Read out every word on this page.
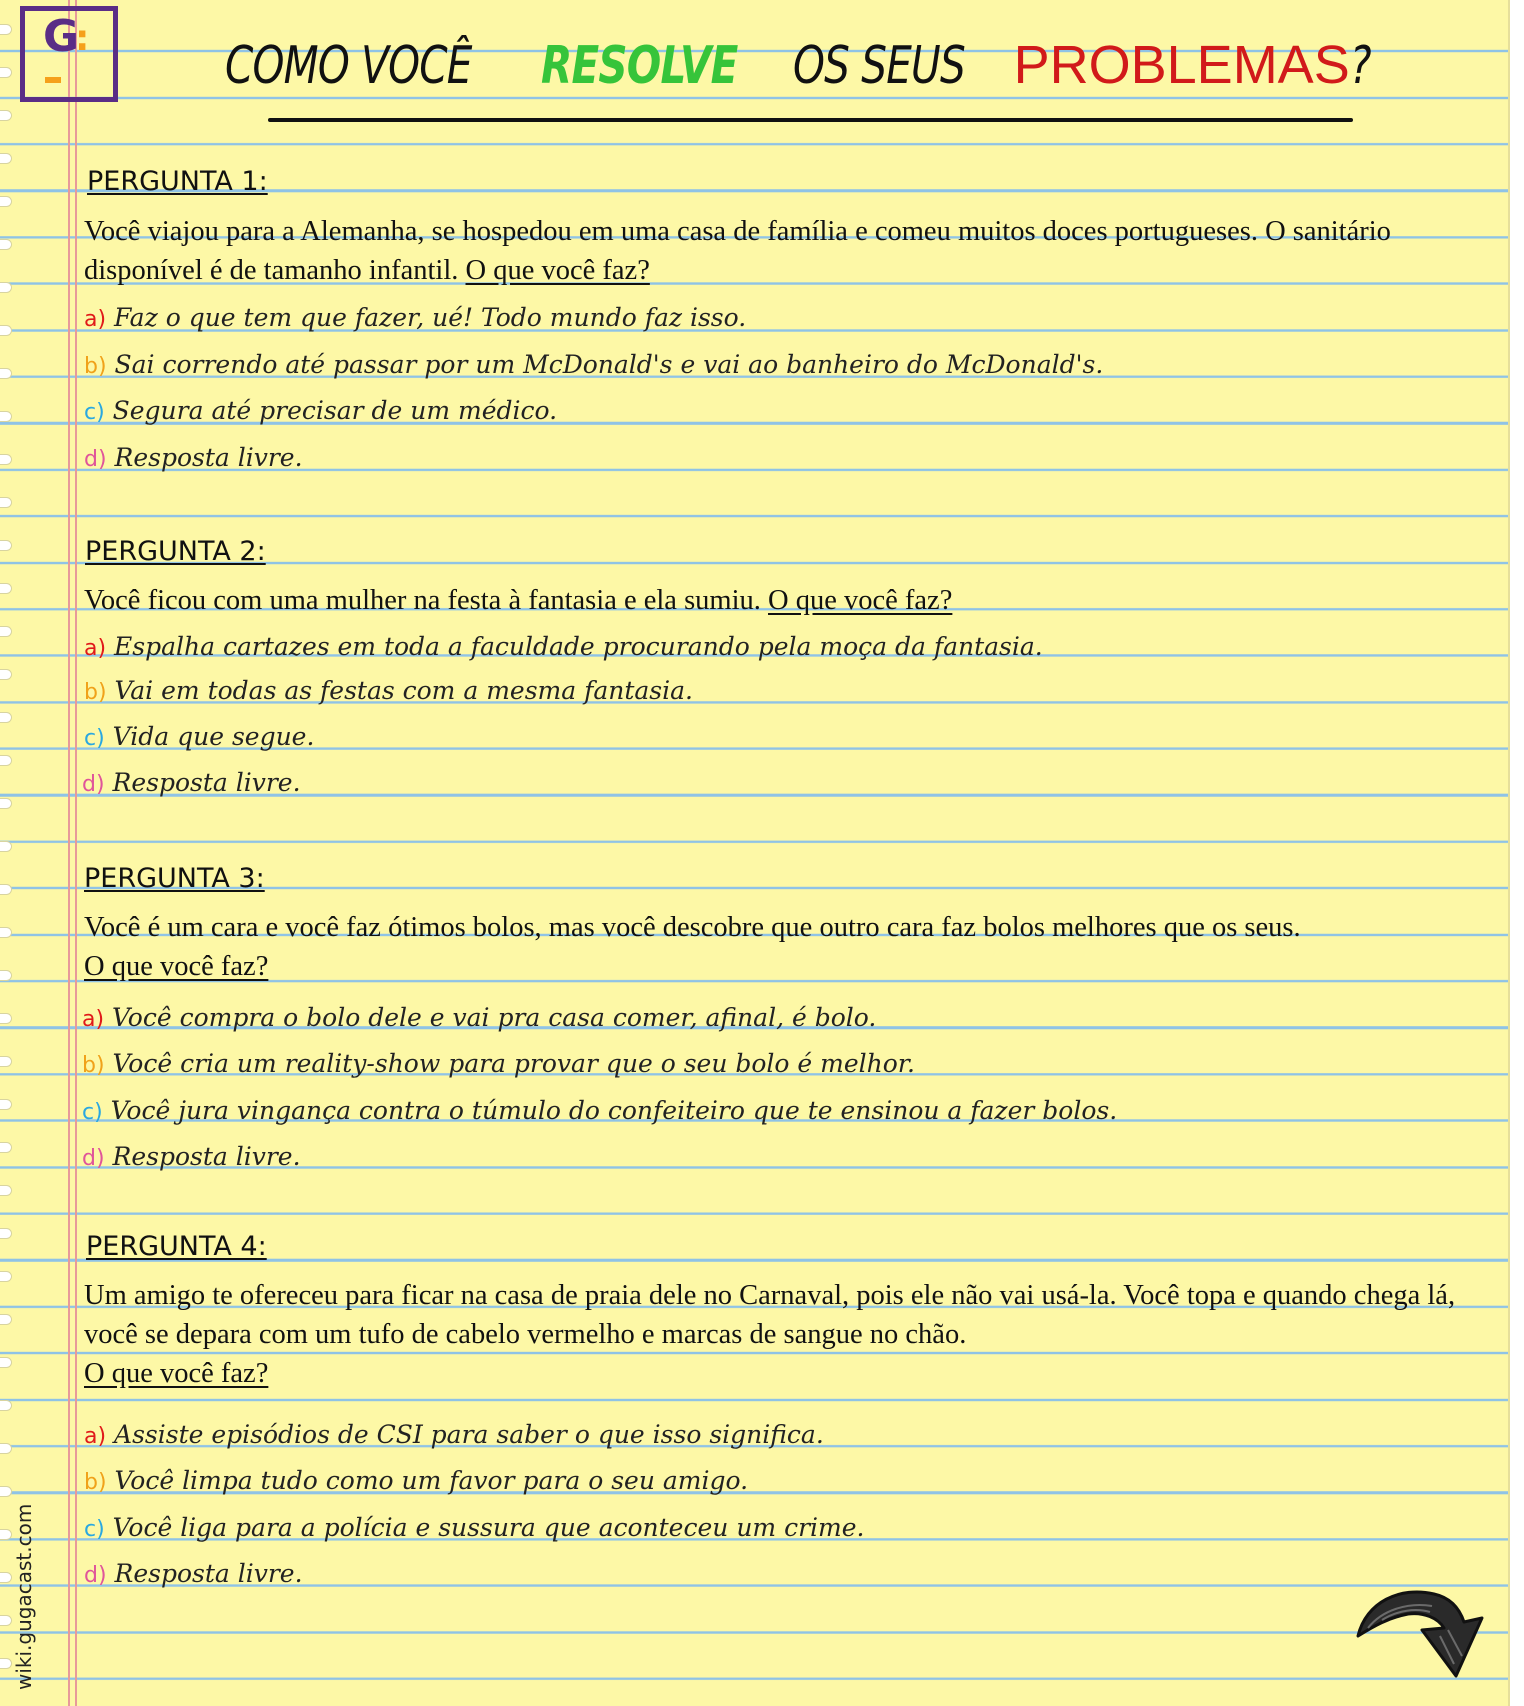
G
:	COMO VOCÊRESOLVEOS SEUSPROBLEMAS?
PERGUNTA 1:
Você viajou para a Alemanha, se hospedou em uma casa de família e comeu muitos doces portugueses. O sanitário disponível é de tamanho infantil. O que você faz?
a) Faz o que tem que fazer, ué! Todo mundo faz isso.
b) Sai correndo até passar por um McDonald's e vai ao banheiro do McDonald's.
c) Segura até precisar de um médico.
d) Resposta livre.
PERGUNTA 2:
Você ficou com uma mulher na festa à fantasia e ela sumiu. O que você faz?
a) Espalha cartazes em toda a faculdade procurando pela moça da fantasia.
b) Vai em todas as festas com a mesma fantasia.
c) Vida que segue.
d) Resposta livre.
PERGUNTA 3:
Você é um cara e você faz ótimos bolos, mas você descobre que outro cara faz bolos melhores que os seus.
O que você faz?
a) Você compra o bolo dele e vai pra casa comer, afinal, é bolo.
b) Você cria um reality-show para provar que o seu bolo é melhor.
c) Você jura vingança contra o túmulo do confeiteiro que te ensinou a fazer bolos.
d) Resposta livre.
PERGUNTA 4:
Um amigo te ofereceu para ficar na casa de praia dele no Carnaval, pois ele não vai usá-la. Você topa e quando chega lá, você se depara com um tufo de cabelo vermelho e marcas de sangue no chão.
O que você faz?
a) Assiste episódios de CSI para saber o que isso significa.
b) Você limpa tudo como um favor para o seu amigo.
c) Você liga para a polícia e sussura que aconteceu um crime.
d) Resposta livre.
wiki.gugacast.com
